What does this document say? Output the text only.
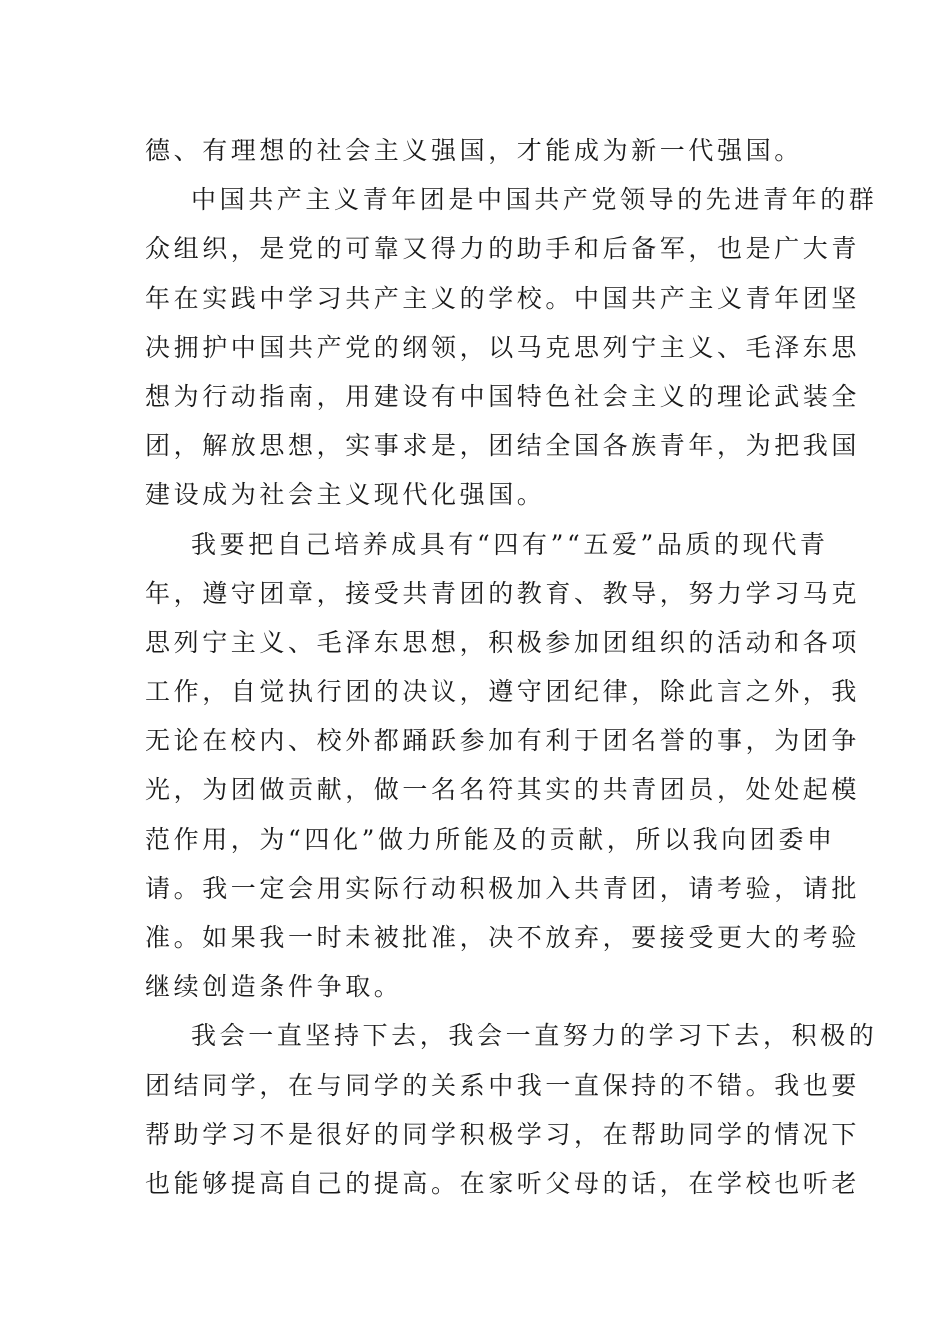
德、有理想的社会主义强国，才能成为新一代强国。
中国共产主义青年团是中国共产党领导的先进青年的群
众组织，是党的可靠又得力的助手和后备军，也是广大青
年在实践中学习共产主义的学校。中国共产主义青年团坚
决拥护中国共产党的纲领，以马克思列宁主义、毛泽东思
想为行动指南，用建设有中国特色社会主义的理论武装全
团，解放思想，实事求是，团结全国各族青年，为把我国
建设成为社会主义现代化强国。
我要把自己培养成具有“四有”“五爱”品质的现代青
年，遵守团章，接受共青团的教育、教导，努力学习马克
思列宁主义、毛泽东思想，积极参加团组织的活动和各项
工作，自觉执行团的决议，遵守团纪律，除此言之外，我
无论在校内、校外都踊跃参加有利于团名誉的事，为团争
光，为团做贡献，做一名名符其实的共青团员，处处起模
范作用，为“四化”做力所能及的贡献，所以我向团委申
请。我一定会用实际行动积极加入共青团，请考验，请批
准。如果我一时未被批准，决不放弃，要接受更大的考验
继续创造条件争取。
我会一直坚持下去，我会一直努力的学习下去，积极的
团结同学，在与同学的关系中我一直保持的不错。我也要
帮助学习不是很好的同学积极学习，在帮助同学的情况下
也能够提高自己的提高。在家听父母的话，在学校也听老
